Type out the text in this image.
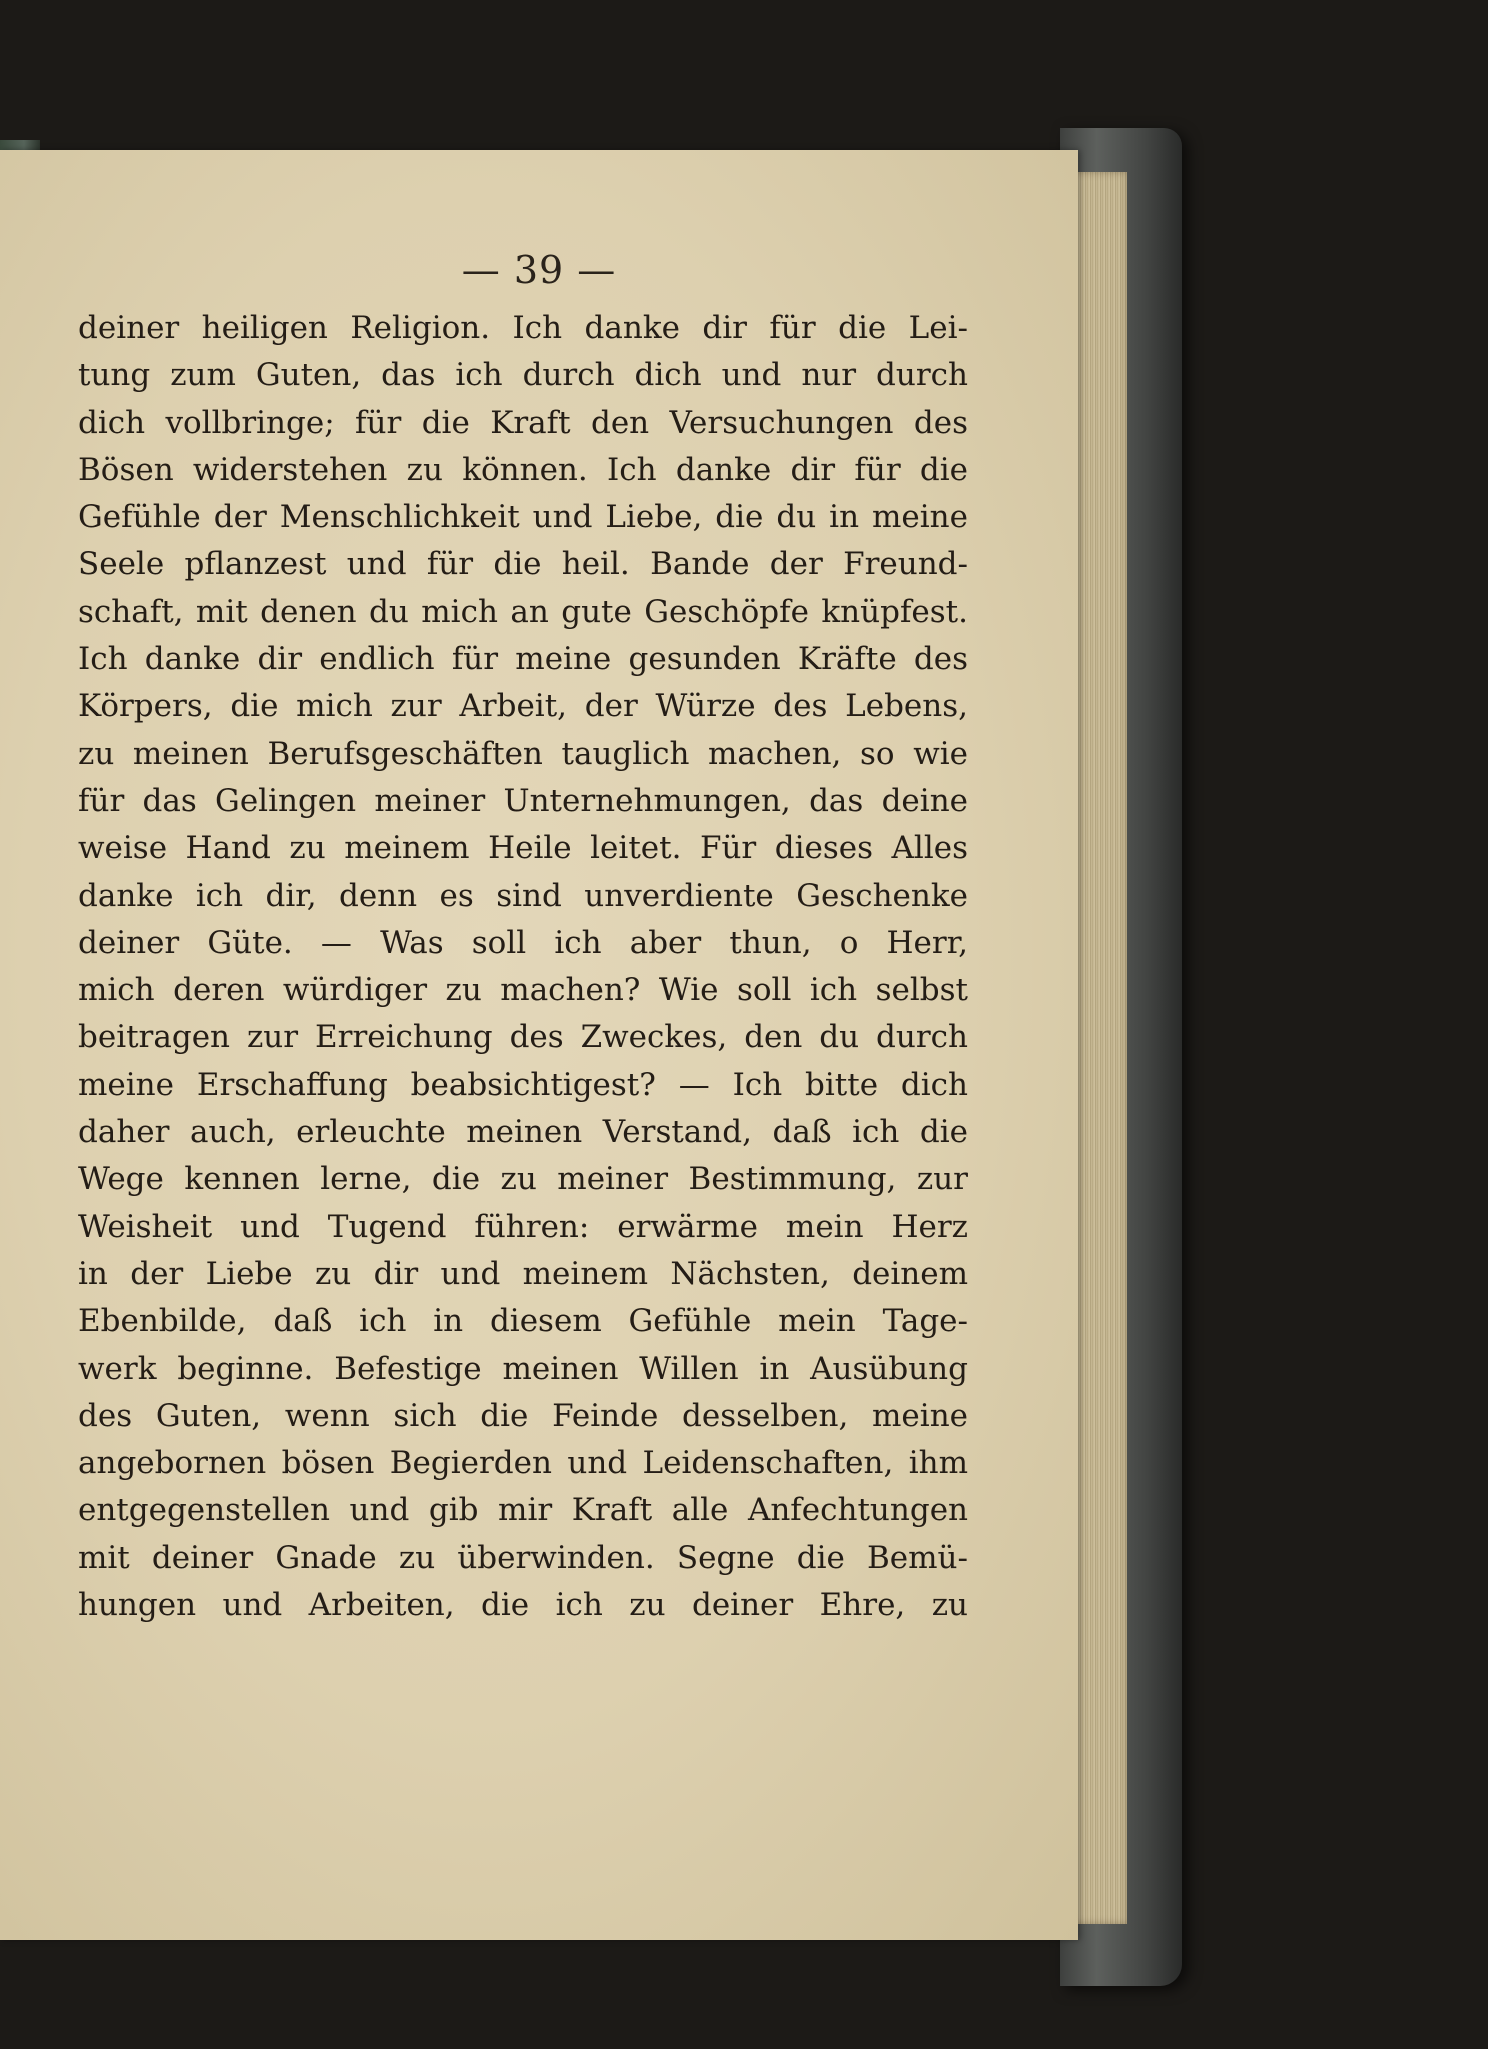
— 39 —
deiner heiligen Religion. Ich danke dir für die Lei-
tung zum Guten, das ich durch dich und nur durch
dich vollbringe; für die Kraft den Versuchungen des
Bösen widerstehen zu können. Ich danke dir für die
Gefühle der Menschlichkeit und Liebe, die du in meine
Seele pflanzest und für die heil. Bande der Freund-
schaft, mit denen du mich an gute Geschöpfe knüpfest.
Ich danke dir endlich für meine gesunden Kräfte des
Körpers, die mich zur Arbeit, der Würze des Lebens,
zu meinen Berufsgeschäften tauglich machen, so wie
für das Gelingen meiner Unternehmungen, das deine
weise Hand zu meinem Heile leitet. Für dieses Alles
danke ich dir, denn es sind unverdiente Geschenke
deiner Güte. — Was soll ich aber thun, o Herr,
mich deren würdiger zu machen? Wie soll ich selbst
beitragen zur Erreichung des Zweckes, den du durch
meine Erschaffung beabsichtigest? — Ich bitte dich
daher auch, erleuchte meinen Verstand, daß ich die
Wege kennen lerne, die zu meiner Bestimmung, zur
Weisheit und Tugend führen: erwärme mein Herz
in der Liebe zu dir und meinem Nächsten, deinem
Ebenbilde, daß ich in diesem Gefühle mein Tage-
werk beginne. Befestige meinen Willen in Ausübung
des Guten, wenn sich die Feinde desselben, meine
angebornen bösen Begierden und Leidenschaften, ihm
entgegenstellen und gib mir Kraft alle Anfechtungen
mit deiner Gnade zu überwinden. Segne die Bemü-
hungen und Arbeiten, die ich zu deiner Ehre, zu
